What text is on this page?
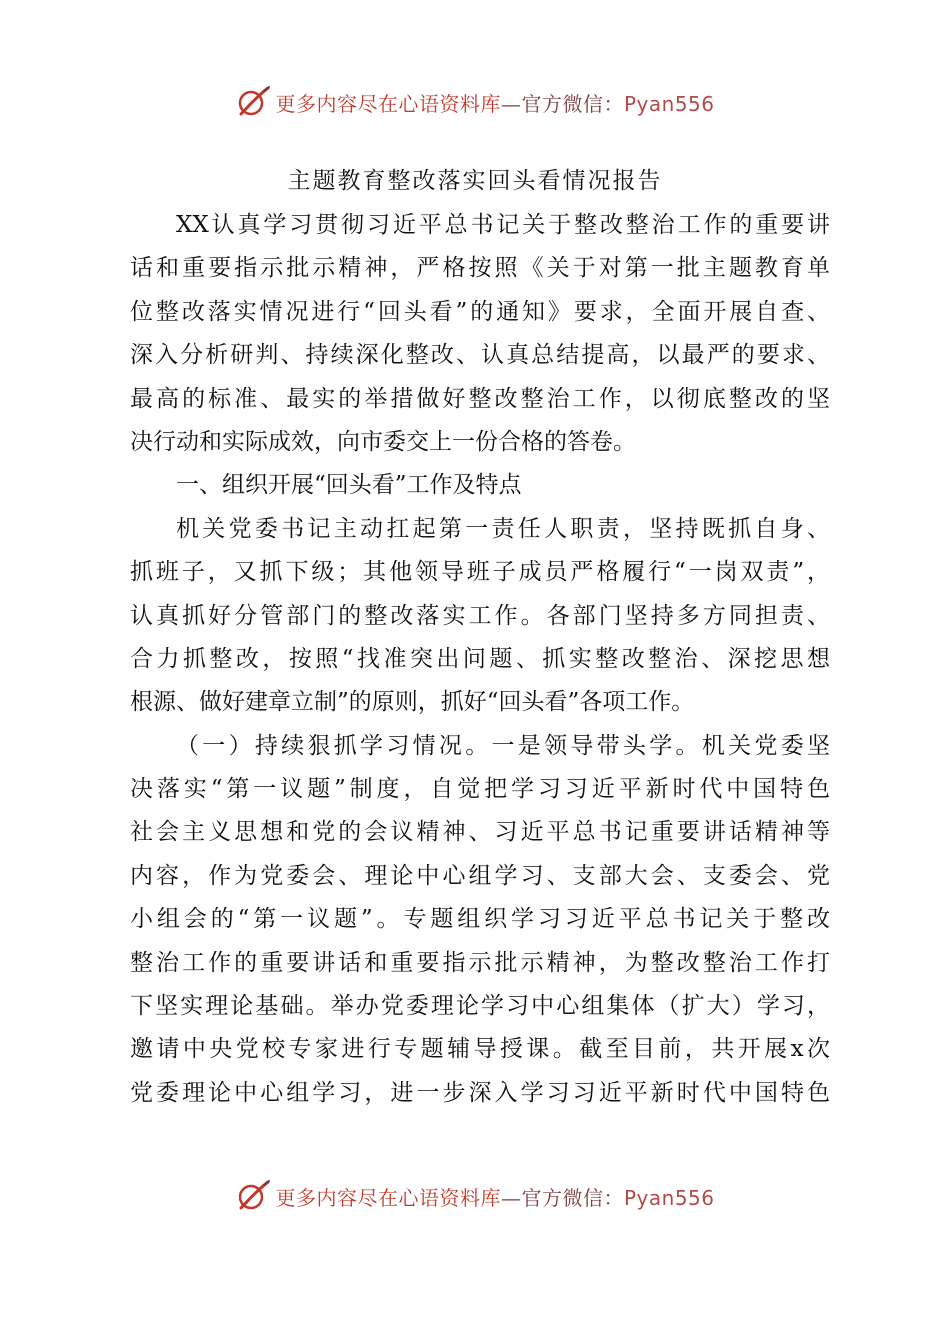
更多内容尽在心语资料库—官方微信：Pyan556
主题教育整改落实回头看情况报告
XX认真学习贯彻习近平总书记关于整改整治工作的重要讲
话和重要指示批示精神，严格按照《关于对第一批主题教育单
位整改落实情况进行“回头看”的通知》要求，全面开展自查、
深入分析研判、持续深化整改、认真总结提高，以最严的要求、
最高的标准、最实的举措做好整改整治工作，以彻底整改的坚
决行动和实际成效，向市委交上一份合格的答卷。
一、组织开展“回头看”工作及特点
机关党委书记主动扛起第一责任人职责，坚持既抓自身、
抓班子，又抓下级；其他领导班子成员严格履行“一岗双责”，
认真抓好分管部门的整改落实工作。各部门坚持多方同担责、
合力抓整改，按照“找准突出问题、抓实整改整治、深挖思想
根源、做好建章立制”的原则，抓好“回头看”各项工作。
（一）持续狠抓学习情况。一是领导带头学。机关党委坚
决落实“第一议题”制度，自觉把学习习近平新时代中国特色
社会主义思想和党的会议精神、习近平总书记重要讲话精神等
内容，作为党委会、理论中心组学习、支部大会、支委会、党
小组会的“第一议题”。专题组织学习习近平总书记关于整改
整治工作的重要讲话和重要指示批示精神，为整改整治工作打
下坚实理论基础。举办党委理论学习中心组集体（扩大）学习，
邀请中央党校专家进行专题辅导授课。截至目前，共开展x次
党委理论中心组学习，进一步深入学习习近平新时代中国特色
更多内容尽在心语资料库—官方微信：Pyan556
